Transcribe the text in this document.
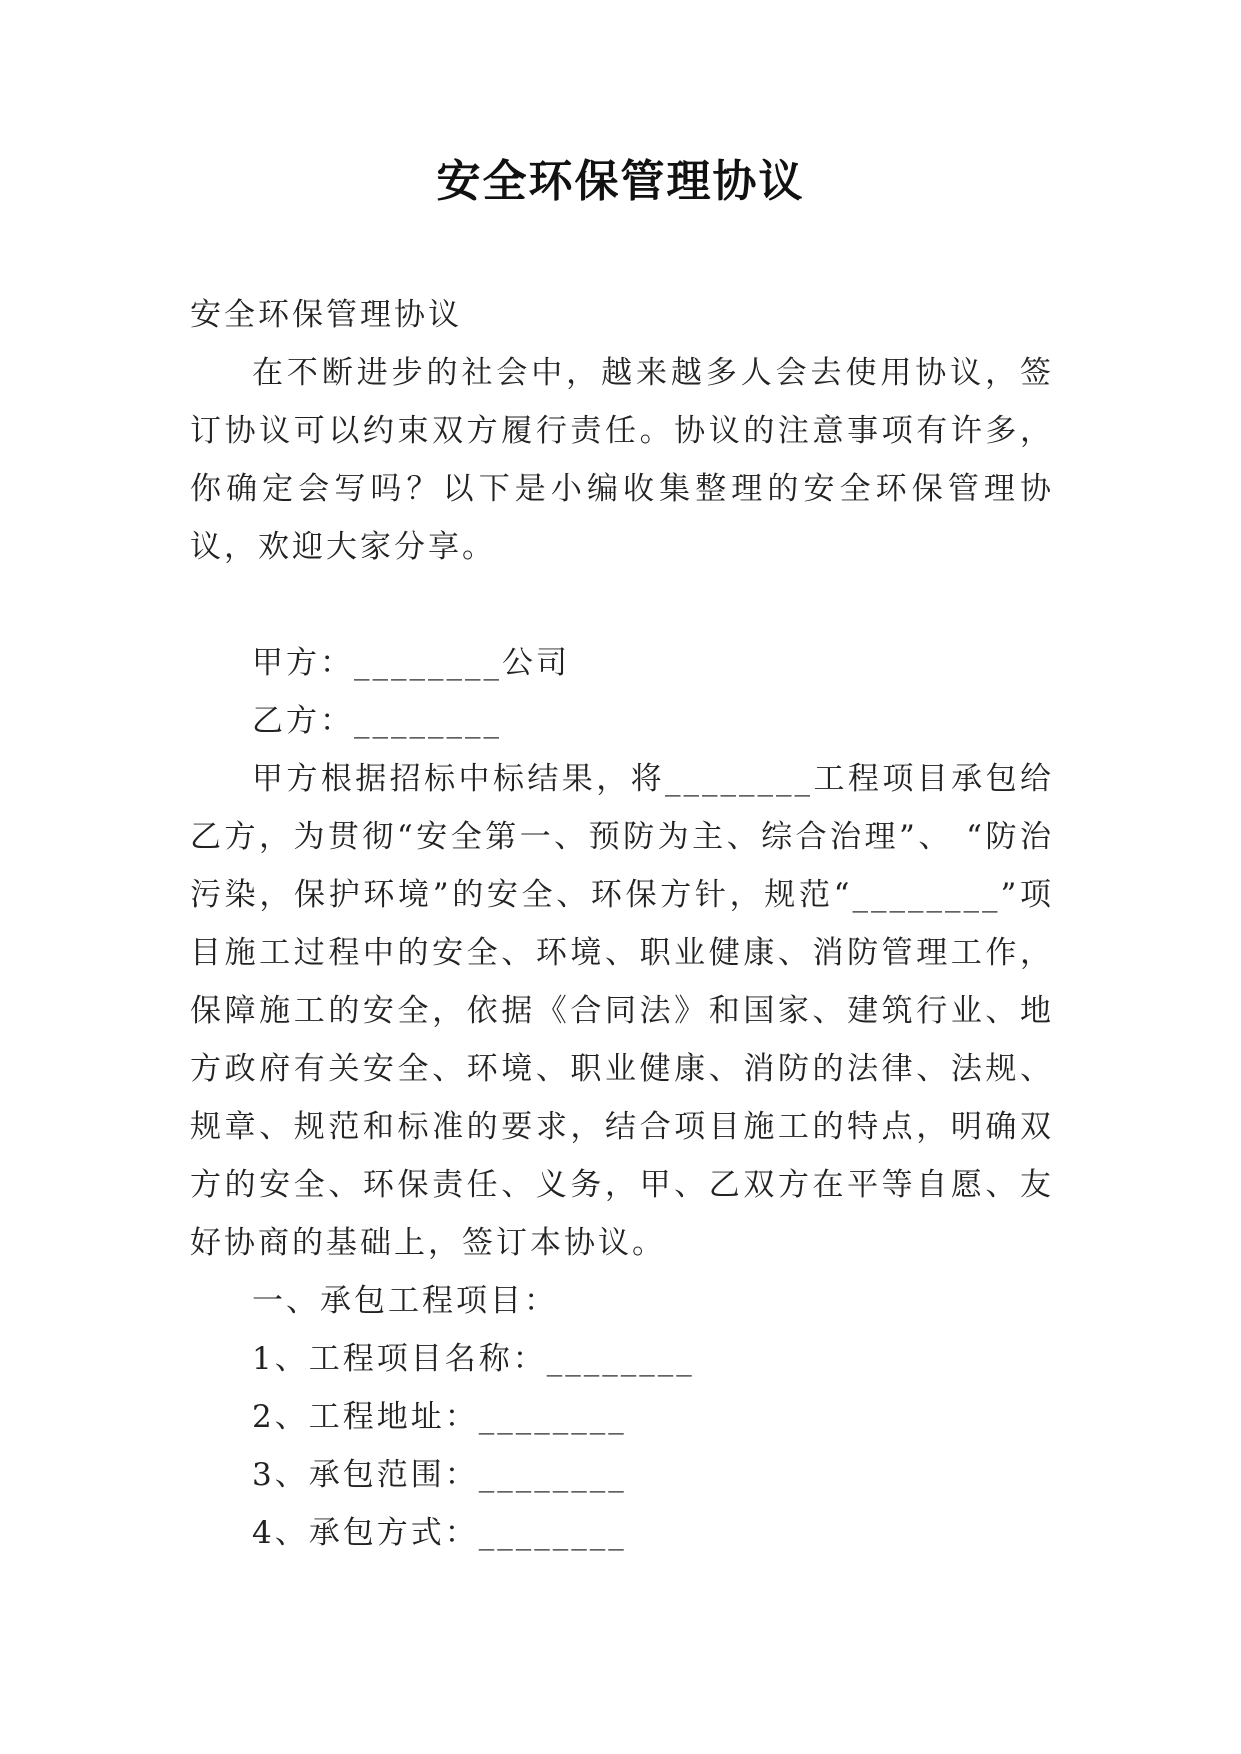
安全环保管理协议

安全环保管理协议

在不断进步的社会中，越来越多人会去使用协议，签订协议可以约束双方履行责任。协议的注意事项有许多，你确定会写吗？以下是小编收集整理的安全环保管理协议，欢迎大家分享。

甲方：________公司

乙方：________

甲方根据招标中标结果，将________工程项目承包给乙方，为贯彻“安全第一、预防为主、综合治理”、 “防治污染，保护环境”的安全、环保方针，规范“________”项目施工过程中的安全、环境、职业健康、消防管理工作，保障施工的安全，依据《合同法》和国家、建筑行业、地方政府有关安全、环境、职业健康、消防的法律、法规、规章、规范和标准的要求，结合项目施工的特点，明确双方的安全、环保责任、义务，甲、乙双方在平等自愿、友好协商的基础上，签订本协议。

一、承包工程项目：

1、工程项目名称：________

2、工程地址：________

3、承包范围：________

4、承包方式：________
